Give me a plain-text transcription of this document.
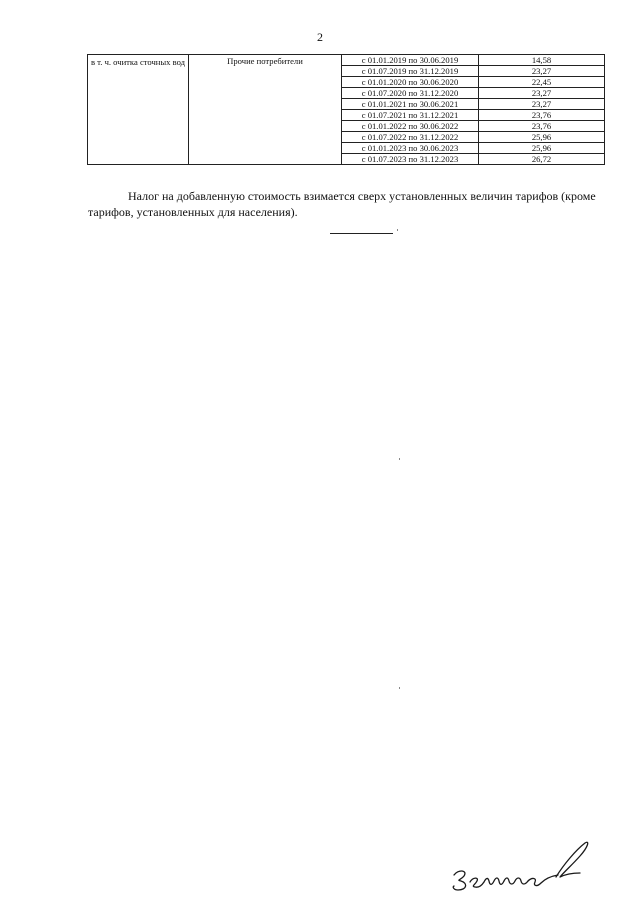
2
в т. ч. очитка сточных вод	Прочие потребители	с 01.01.2019 по 30.06.2019	14,58
		с 01.07.2019 по 31.12.2019	23,27
		с 01.01.2020 по 30.06.2020	22,45
		с 01.07.2020 по 31.12.2020	23,27
		с 01.01.2021 по 30.06.2021	23,27
		с 01.07.2021 по 31.12.2021	23,76
		с 01.01.2022 по 30.06.2022	23,76
		с 01.07.2022 по 31.12.2022	25,96
		с 01.01.2023 по 30.06.2023	25,96
		с 01.07.2023 по 31.12.2023	26,72

Налог на добавленную стоимость взимается сверх установленных величин тарифов (кроме тарифов, установленных для населения).
